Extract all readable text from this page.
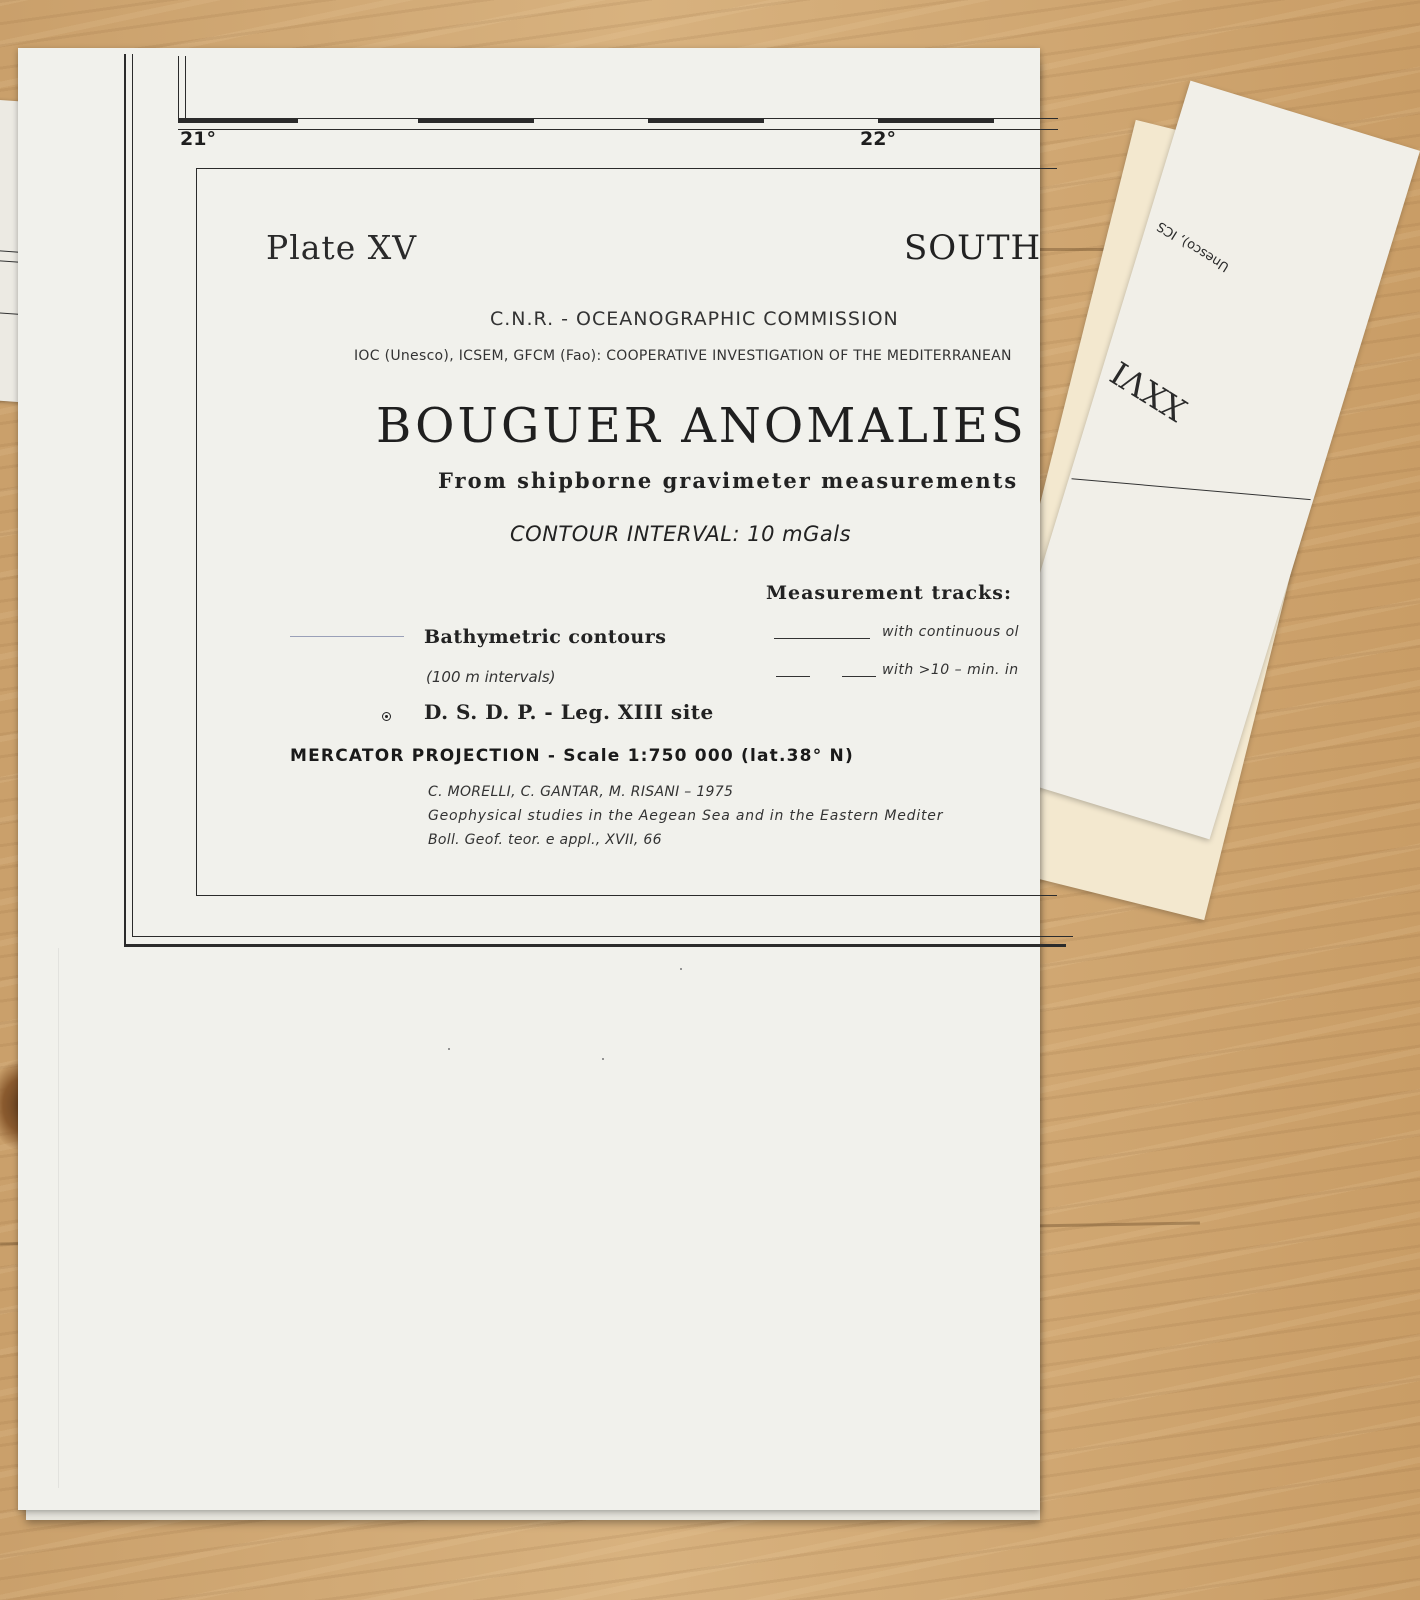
Unesco), ICS
XXVI
21°	22°
Plate XV	SOUTH
C.N.R. - OCEANOGRAPHIC COMMISSION
IOC (Unesco), ICSEM, GFCM (Fao): COOPERATIVE INVESTIGATION OF THE MEDITERRANEAN
BOUGUER ANOMALIES
From shipborne gravimeter measurements
CONTOUR INTERVAL: 10 mGals
Measurement tracks:
Bathymetric contours
(100 m intervals)
with continuous ol
with >10 – min. in
D. S. D. P. - Leg. XIII site
MERCATOR PROJECTION - Scale 1:750 000 (lat.38° N)
C. MORELLI, C. GANTAR, M. RISANI – 1975
Geophysical studies in the Aegean Sea and in the Eastern Mediter
Boll. Geof. teor. e appl., XVII, 66
